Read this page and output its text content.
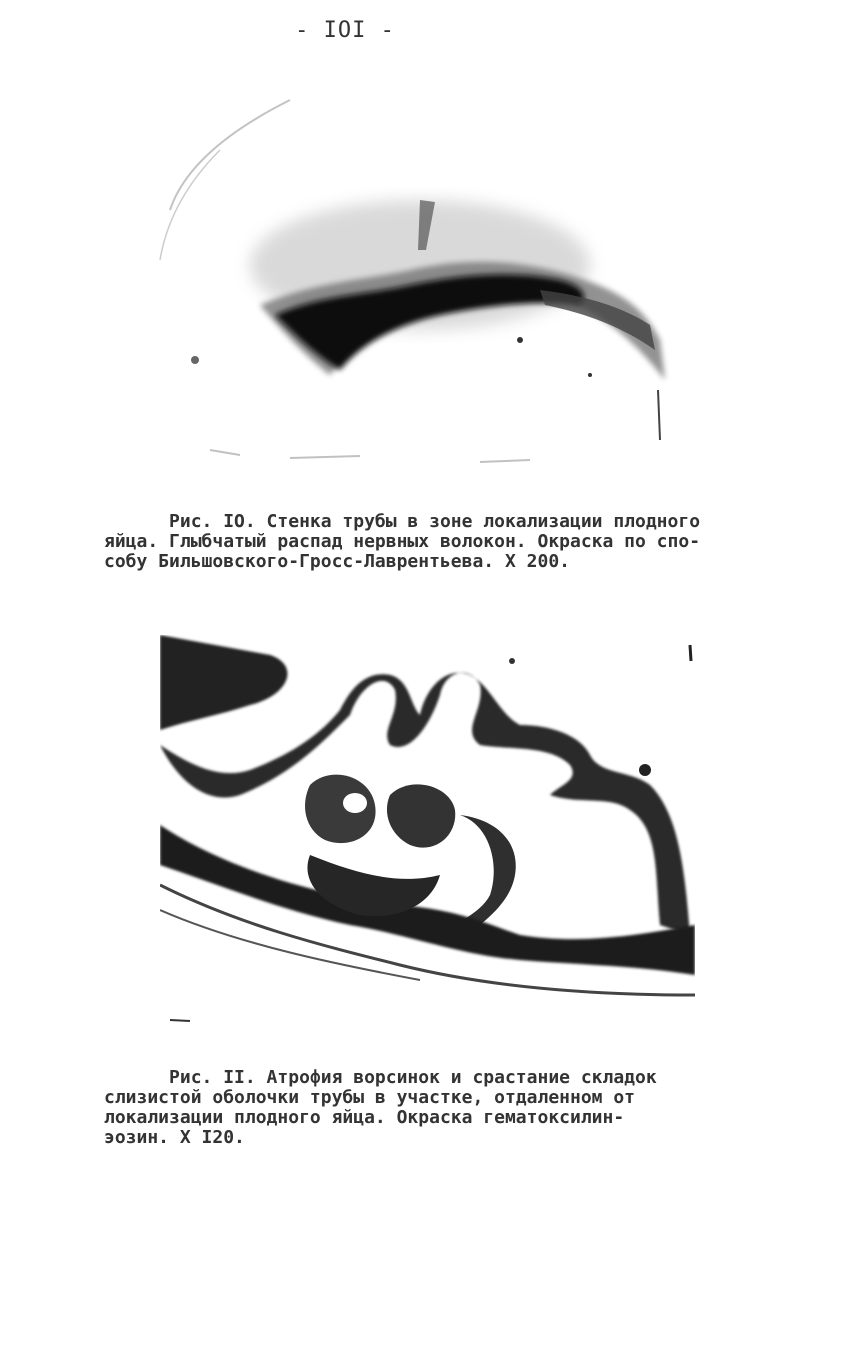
- IOI -

Рис. IO. Стенка трубы в зоне локализации плодного
яйца. Глыбчатый распад нервных волокон. Окраска по спо-
собу Бильшовского-Гросс-Лаврентьева. Х 200.

Рис. II. Атрофия ворсинок и срастание складок
слизистой оболочки трубы в участке, отдаленном от
локализации плодного яйца. Окраска гематоксилин-
эозин. Х I20.
